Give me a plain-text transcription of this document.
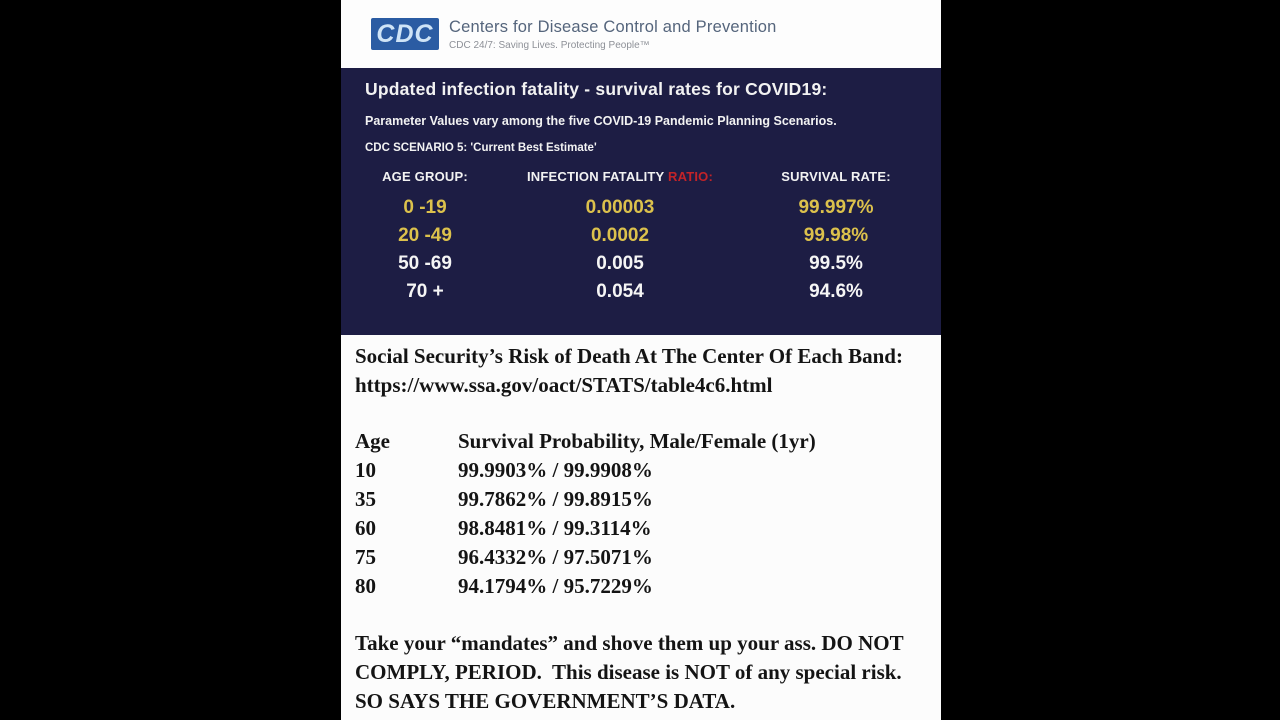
CDC Centers for Disease Control and Prevention
CDC 24/7: Saving Lives. Protecting People™
Updated infection fatality - survival rates for COVID19:
Parameter Values vary among the five COVID-19 Pandemic Planning Scenarios.
CDC SCENARIO 5: 'Current Best Estimate'
AGE GROUP:	INFECTION FATALITY RATIO:	SURVIVAL RATE:
0 -19	0.00003	99.997%
20 -49	0.0002	99.98%
50 -69	0.005	99.5%
70 +	0.054	94.6%
Social Security’s Risk of Death At The Center Of Each Band: https://www.ssa.gov/oact/STATS/table4c6.html
Age	Survival Probability, Male/Female (1yr)
10	99.9903% / 99.9908%
35	99.7862% / 99.8915%
60	98.8481% / 99.3114%
75	96.4332% / 97.5071%
80	94.1794% / 95.7229%
Take your “mandates” and shove them up your ass. DO NOT COMPLY, PERIOD.  This disease is NOT of any special risk.  SO SAYS THE GOVERNMENT’S DATA.
